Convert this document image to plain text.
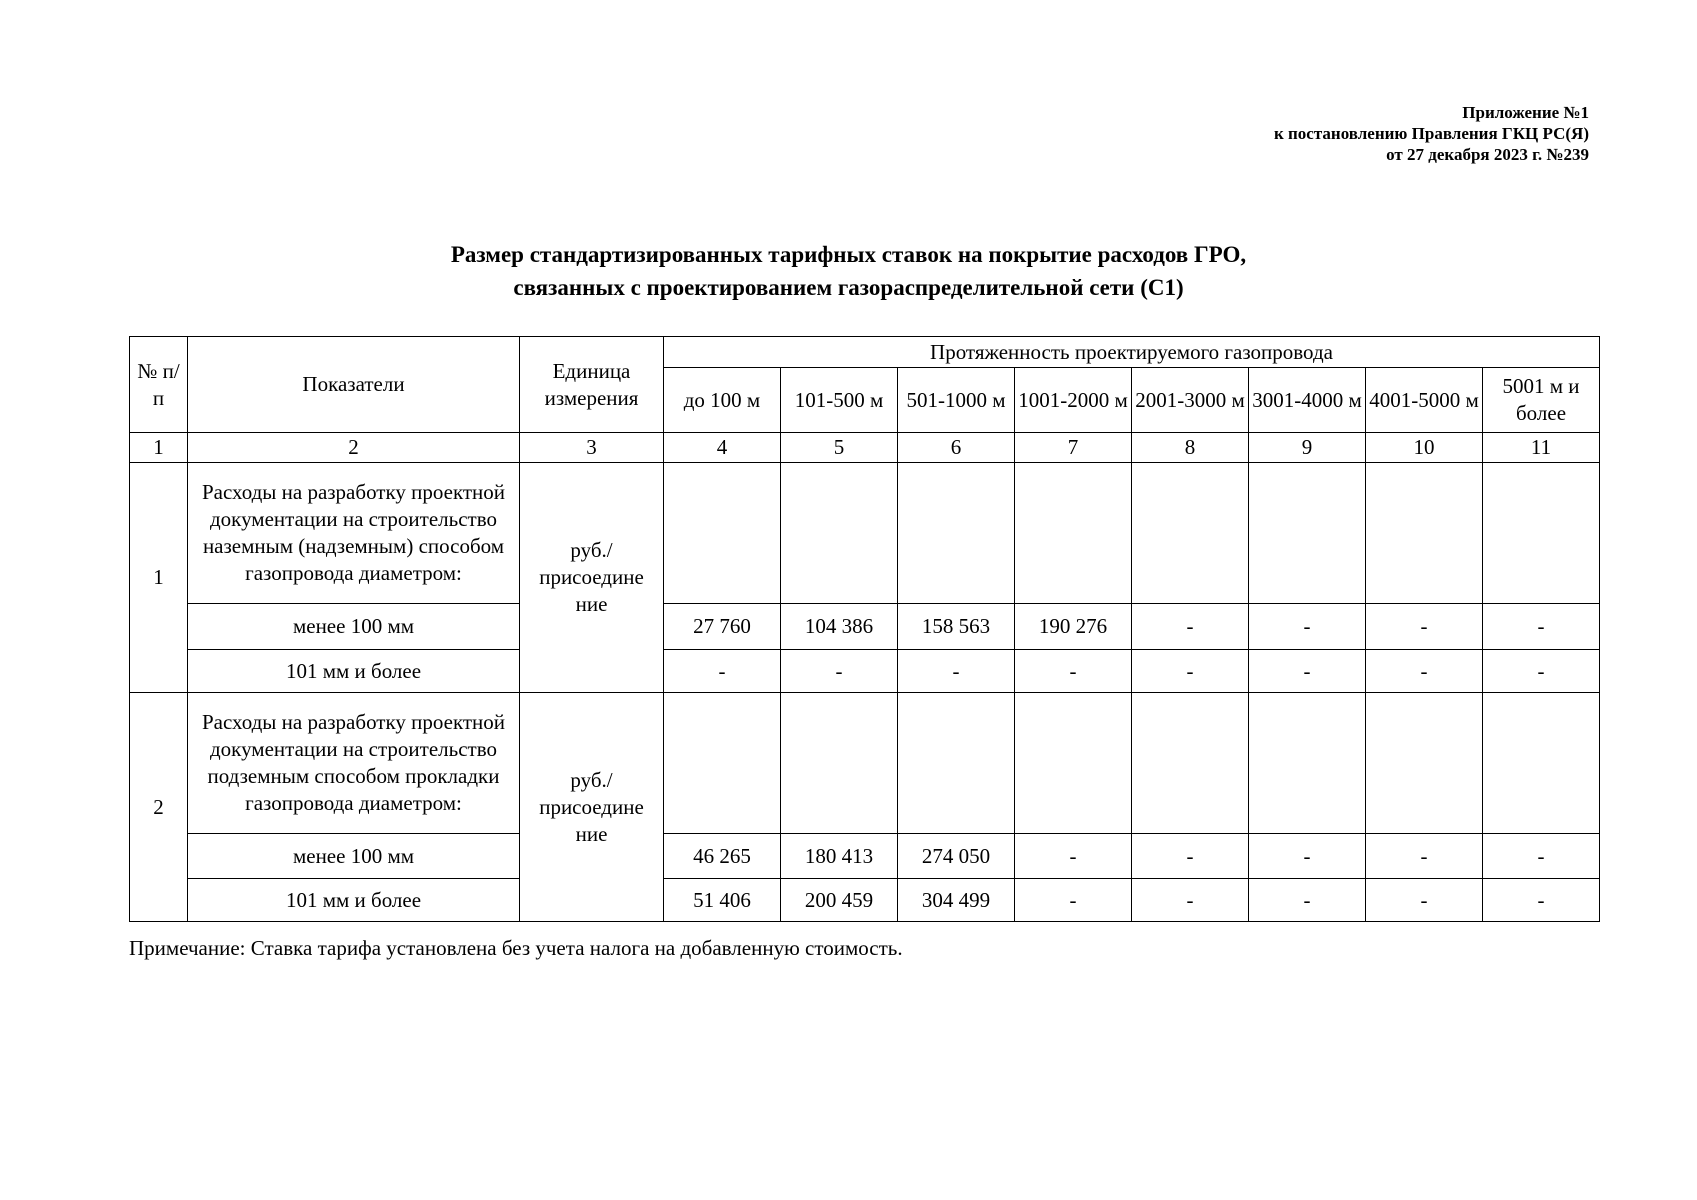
Приложение №1
к постановлению Правления ГКЦ РС(Я)
от 27 декабря 2023 г. №239
Размер стандартизированных тарифных ставок на покрытие расходов ГРО,
связанных с проектированием газораспределительной сети (С1)
№ п/п	Показатели	Единица измерения	Протяженность проектируемого газопровода							
			до 100 м	101-500 м	501-1000 м	1001-2000 м	2001-3000 м	3001-4000 м	4001-5000 м	5001 м и более
1	2	3	4	5	6	7	8	9	10	11
1	Расходы на разработку проектной документации на строительство наземным (надземным) способом газопровода диаметром:	руб./ присоедине ние								
	менее 100 мм		27 760	104 386	158 563	190 276	-	-	-	-
	101 мм и более		-	-	-	-	-	-	-	-
2	Расходы на разработку проектной документации на строительство подземным способом прокладки газопровода диаметром:	руб./ присоедине ние								
	менее 100 мм		46 265	180 413	274 050	-	-	-	-	-
	101 мм и более		51 406	200 459	304 499	-	-	-	-	-
Примечание: Ставка тарифа установлена без учета налога на добавленную стоимость.
